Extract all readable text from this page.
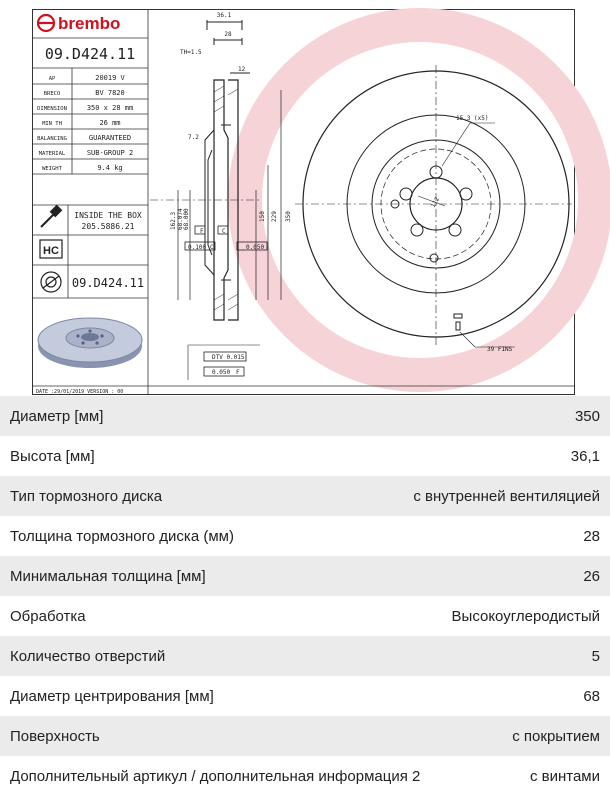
brembo
09.D424.11
AP	20019 V
BRECO	BV 7820
DIMENSION	350 x 28 mm
MIN TH	26 mm
BALANCING	GUARANTEED
MATERIAL	SUB-GROUP 2
WEIGHT	9.4 kg
INSIDE THE BOX
205.5886.21
HC
09.D424.11
DATE :29/01/2019 VERSION : 00
36.1
28
TH=1.5
12
7.2
F	C
0.100 C	0.050
DTV 0.015
0.050 F
162.3 68.074 68.000	150 229 350
15.3 (x5)
112
39 FINS
Диаметр [мм]	350
Высота [мм]	36,1
Тип тормозного диска	с внутренней вентиляцией
Толщина тормозного диска (мм)	28
Минимальная толщина [мм]	26
Обработка	Высокоуглеродистый
Количество отверстий	5
Диаметр центрирования [мм]	68
Поверхность	с покрытием
Дополнительный артикул / дополнительная информация 2	с винтами
